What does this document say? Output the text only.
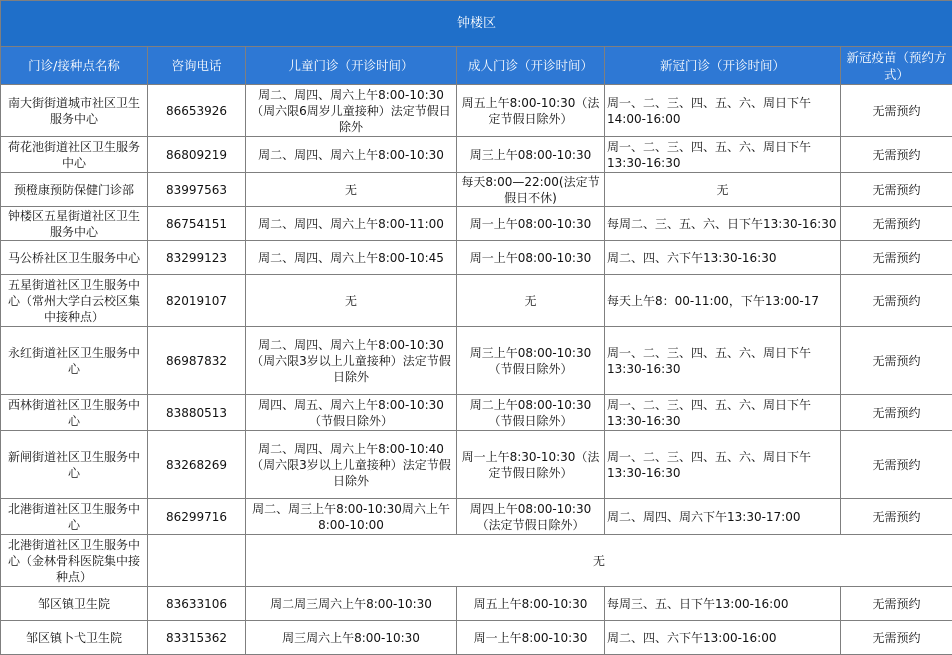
钟楼区					
门诊/接种点名称	咨询电话	儿童门诊（开诊时间）	成人门诊（开诊时间）	新冠门诊（开诊时间）	新冠疫苗（预约方式）
南大街街道城市社区卫生服务中心	86653926	周二、周四、周六上午8:00-10:30（周六限6周岁儿童接种）法定节假日除外	周五上午8:00-10:30（法定节假日除外）	周一、二、三、四、五、六、周日下午14:00-16:00	无需预约
荷花池街道社区卫生服务中心	86809219	周二、周四、周六上午8:00-10:30	周三上午08:00-10:30	周一、二、三、四、五、六、周日下午13:30-16:30	无需预约
预橙康预防保健门诊部	83997563	无	每天8:00—22:00(法定节假日不休)	无	无需预约
钟楼区五星街道社区卫生服务中心	86754151	周二、周四、周六上午8:00-11:00	周一上午08:00-10:30	每周二、三、五、六、日下午13:30-16:30	无需预约
马公桥社区卫生服务中心	83299123	周二、周四、周六上午8:00-10:45	周一上午08:00-10:30	周二、四、六下午13:30-16:30	无需预约
五星街道社区卫生服务中心（常州大学白云校区集中接种点）	82019107	无	无	每天上午8：00-11:00，下午13:00-17	无需预约
永红街道社区卫生服务中心	86987832	周二、周四、周六上午8:00-10:30（周六限3岁以上儿童接种）法定节假日除外	周三上午08:00-10:30（节假日除外）	周一、二、三、四、五、六、周日下午13:30-16:30	无需预约
西林街道社区卫生服务中心	83880513	周四、周五、周六上午8:00-10:30（节假日除外）	周二上午08:00-10:30（节假日除外）	周一、二、三、四、五、六、周日下午13:30-16:30	无需预约
新闸街道社区卫生服务中心	83268269	周二、周四、周六上午8:00-10:40（周六限3岁以上儿童接种）法定节假日除外	周一上午8:30-10:30（法定节假日除外）	周一、二、三、四、五、六、周日下午13:30-16:30	无需预约
北港街道社区卫生服务中心	86299716	周二、周三上午8:00-10:30周六上午8:00-10:00	周四上午08:00-10:30（法定节假日除外）	周二、周四、周六下午13:30-17:00	无需预约
北港街道社区卫生服务中心（金林骨科医院集中接种点）		无			
邹区镇卫生院	83633106	周二周三周六上午8:00-10:30	周五上午8:00-10:30	每周三、五、日下午13:00-16:00	无需预约
邹区镇卜弋卫生院	83315362	周三周六上午8:00-10:30	周一上午8:00-10:30	周二、四、六下午13:00-16:00	无需预约
